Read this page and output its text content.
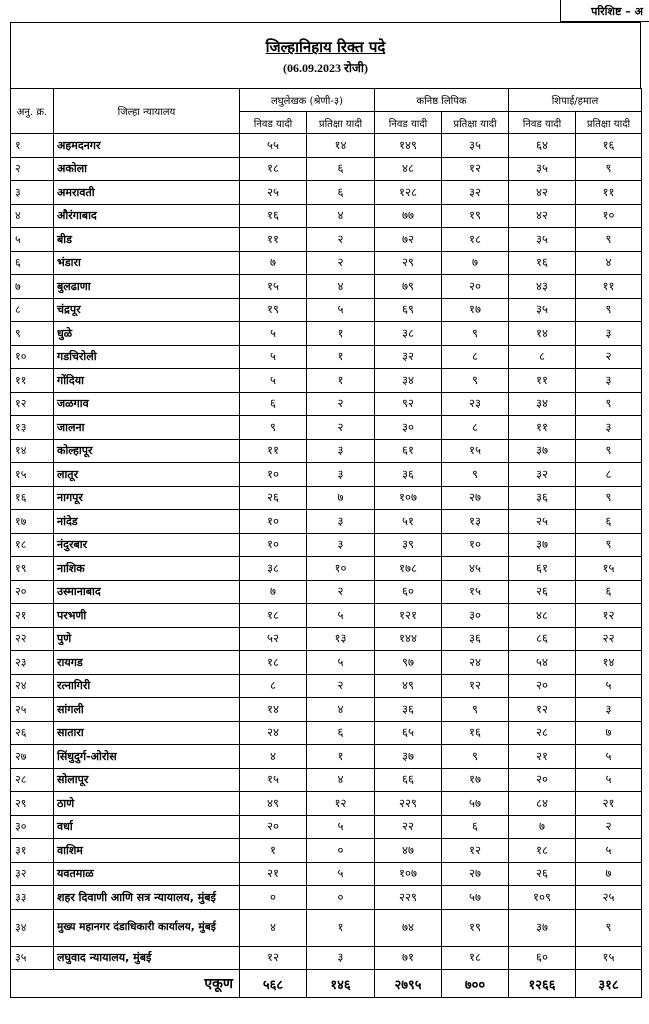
परिशिष्ट – अ
जिल्हानिहाय रिक्त पदे
(06.09.2023 रोजी)
अनु. क्र.	जिल्हा न्यायालय	लघुलेखक (श्रेणी-३)		कनिष्ठ लिपिक		शिपाई/हमाल	
		निवड यादी	प्रतिक्षा यादी	निवड यादी	प्रतिक्षा यादी	निवड यादी	प्रतिक्षा यादी
१	अहमदनगर	५५	१४	१४९	३५	६४	१६
२	अकोला	१८	६	४८	१२	३५	९
३	अमरावती	२५	६	१२८	३२	४२	११
४	औरंगाबाद	१६	४	७७	१९	४२	१०
५	बीड	११	२	७२	१८	३५	९
६	भंडारा	७	२	२९	७	१६	४
७	बुलढाणा	१५	४	७९	२०	४३	११
८	चंद्रपूर	१९	५	६९	१७	३५	९
९	धुळे	५	१	३८	९	१४	३
१०	गडचिरोली	५	१	३२	८	८	२
११	गोंदिया	५	१	३४	९	११	३
१२	जळगाव	६	२	९२	२३	३४	९
१३	जालना	९	२	३०	८	११	३
१४	कोल्हापूर	११	३	६१	१५	३७	९
१५	लातूर	१०	३	३६	९	३२	८
१६	नागपूर	२६	७	१०७	२७	३६	९
१७	नांदेड	१०	३	५१	१३	२५	६
१८	नंदुरबार	१०	३	३९	१०	३७	९
१९	नाशिक	३८	१०	१७८	४५	६१	१५
२०	उस्मानाबाद	७	२	६०	१५	२६	६
२१	परभणी	१८	५	१२१	३०	४८	१२
२२	पुणे	५२	१३	१४४	३६	८६	२२
२३	रायगड	१८	५	९७	२४	५४	१४
२४	रत्नागिरी	८	२	४९	१२	२०	५
२५	सांगली	१४	४	३६	९	१२	३
२६	सातारा	२४	६	६५	१६	२८	७
२७	सिंधुदुर्ग-ओरोस	४	१	३७	९	२१	५
२८	सोलापूर	१५	४	६६	१७	२०	५
२९	ठाणे	४९	१२	२२९	५७	८४	२१
३०	वर्धा	२०	५	२२	६	७	२
३१	वाशिम	१	०	४७	१२	१८	५
३२	यवतमाळ	२१	५	१०७	२७	२६	७
३३	शहर दिवाणी आणि सत्र न्यायालय, मुंबई	०	०	२२९	५७	१०९	२५
३४	मुख्य महानगर दंडाधिकारी कार्यालय, मुंबई	४	१	७४	१९	३७	९
३५	लघुवाद न्यायालय, मुंबई	१२	३	७१	१८	६०	१५
एकूण		५६८	१४६	२७९५	७००	१२६६	३१८
